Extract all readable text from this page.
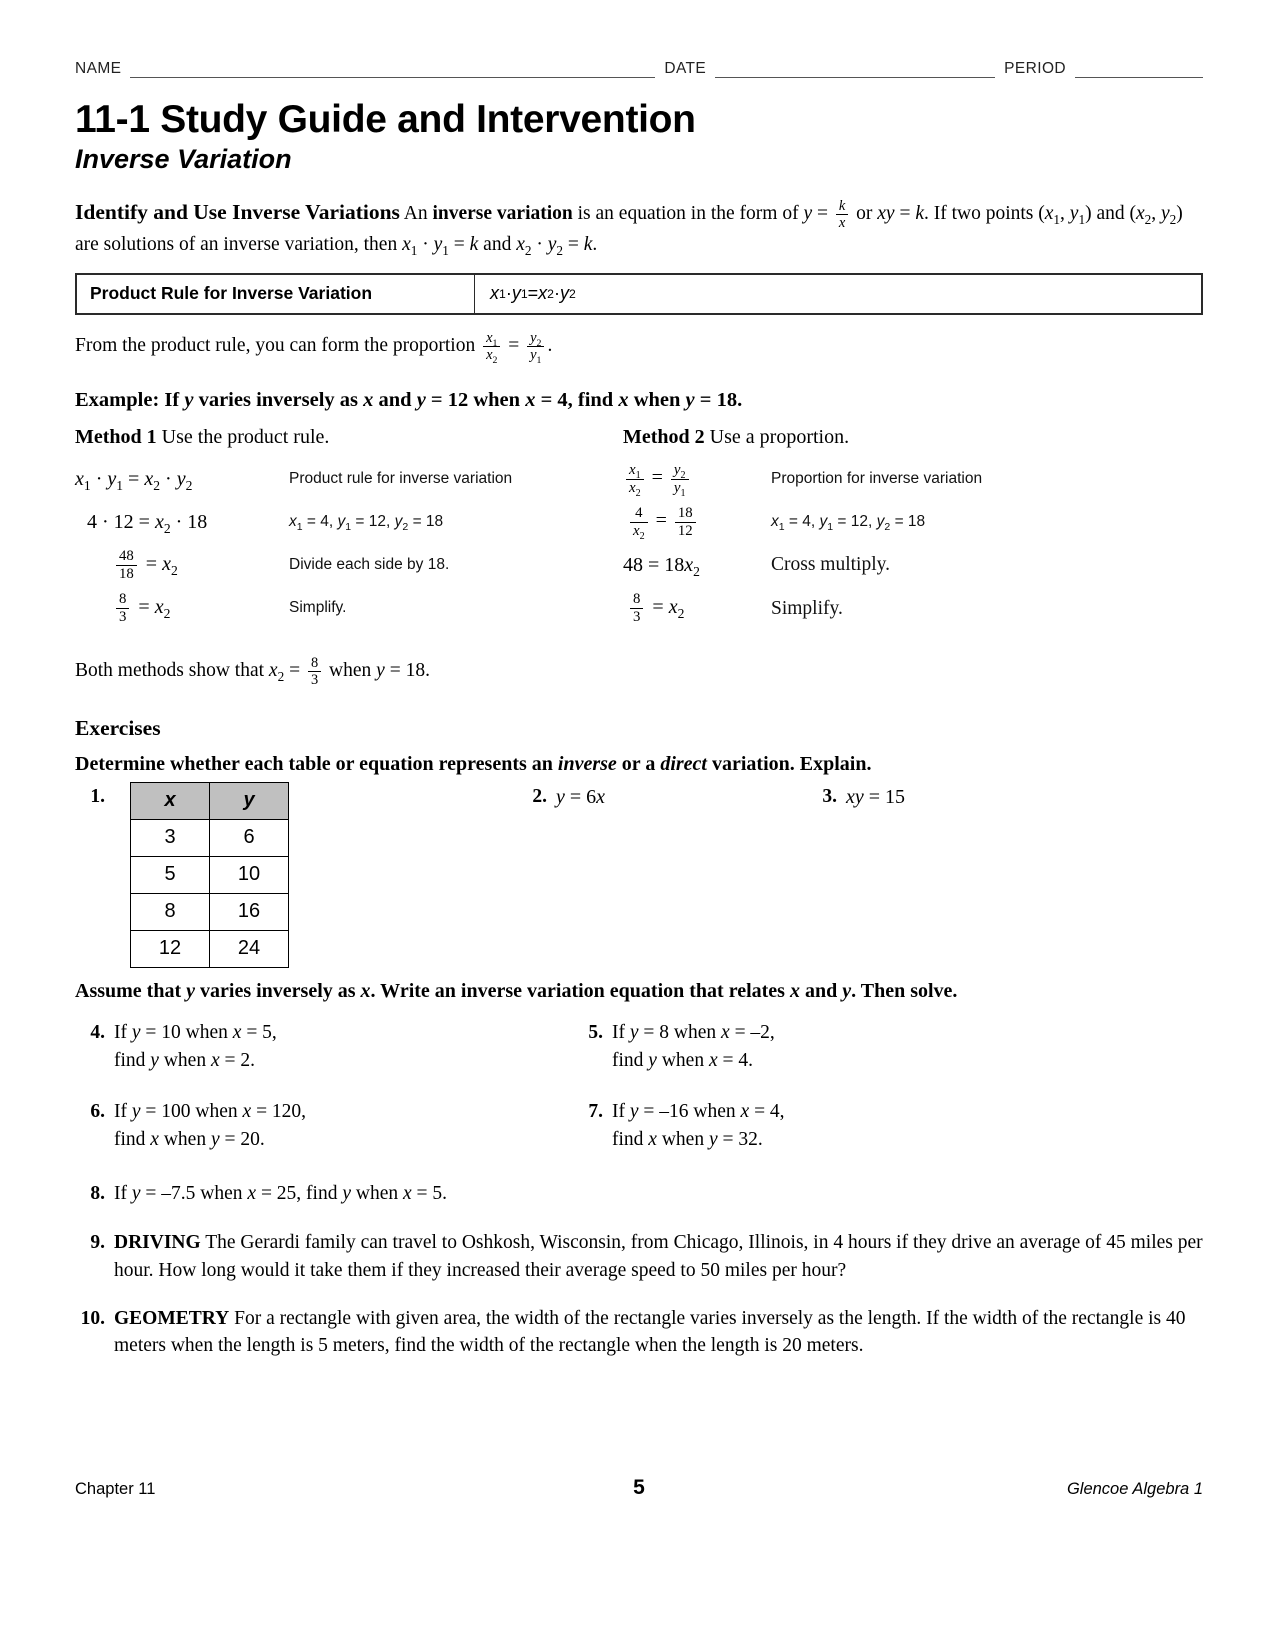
NAME	DATE	PERIOD
11-1 Study Guide and Intervention
Inverse Variation

Identify and Use Inverse Variations An inverse variation is an equation in the form of $y = \frac{k}{x}$ or xy = k. If two points ($x_1$, $y_1$) and ($x_2$, $y_2$) are solutions of an inverse variation, then $x_1 \cdot y_1 = k$ and $x_2 \cdot y_2 = k$.

Product Rule for Inverse Variation	x 1 · y 1 = x 2 · y 2

From the product rule, you can form the proportion $\frac{x_1}{x_2} = \frac{y_2}{y_1}$ .

Example: If y varies inversely as x and y = 12 when x = 4, find x when y = 18.

Method 1 Use the product rule.

$x_1 \cdot y_1 = x_2 \cdot y_2$	Product rule for inverse variation
$4 \cdot 12 = x_2 \cdot 18$	$x_1 = 4$, $y_1 = 12$, $y_2 = 18$
$\frac{48}{18} = x_2$	Divide each side by 18.
$\frac{8}{3} = x_2$	Simplify.

Method 2 Use a proportion.

$\frac{x_1}{x_2} = \frac{y_2}{y_1}$	Proportion for inverse variation
$\frac{4}{x_2} = \frac{18}{12}$	$x_1 = 4$, $y_1 = 12$, $y_2 = 18$
$48 = 18x_2$	Cross multiply.
$\frac{8}{3} = x_2$	Simplify.

Both methods show that $x_2 = \frac{8}{3}$ when y = 18.

Exercises

Determine whether each table or equation represents an inverse or a direct variation. Explain.

1.	x	y
3	6
5	10
8	16
12	24
2. y = 6x	3. xy = 15

Assume that y varies inversely as x. Write an inverse variation equation that relates x and y. Then solve.

4. If y = 10 when x = 5,
find y when x = 2.
5. If y = 8 when x = –2,
find y when x = 4.
6. If y = 100 when x = 120,
find x when y = 20.
7. If y = –16 when x = 4,
find x when y = 32.
8. If y = –7.5 when x = 25, find y when x = 5.
9. DRIVING The Gerardi family can travel to Oshkosh, Wisconsin, from Chicago, Illinois, in 4 hours if they drive an average of 45 miles per hour. How long would it take them if they increased their average speed to 50 miles per hour?
10. GEOMETRY For a rectangle with given area, the width of the rectangle varies inversely as the length. If the width of the rectangle is 40 meters when the length is 5 meters, find the width of the rectangle when the length is 20 meters.
Chapter 11	5	Glencoe Algebra 1
